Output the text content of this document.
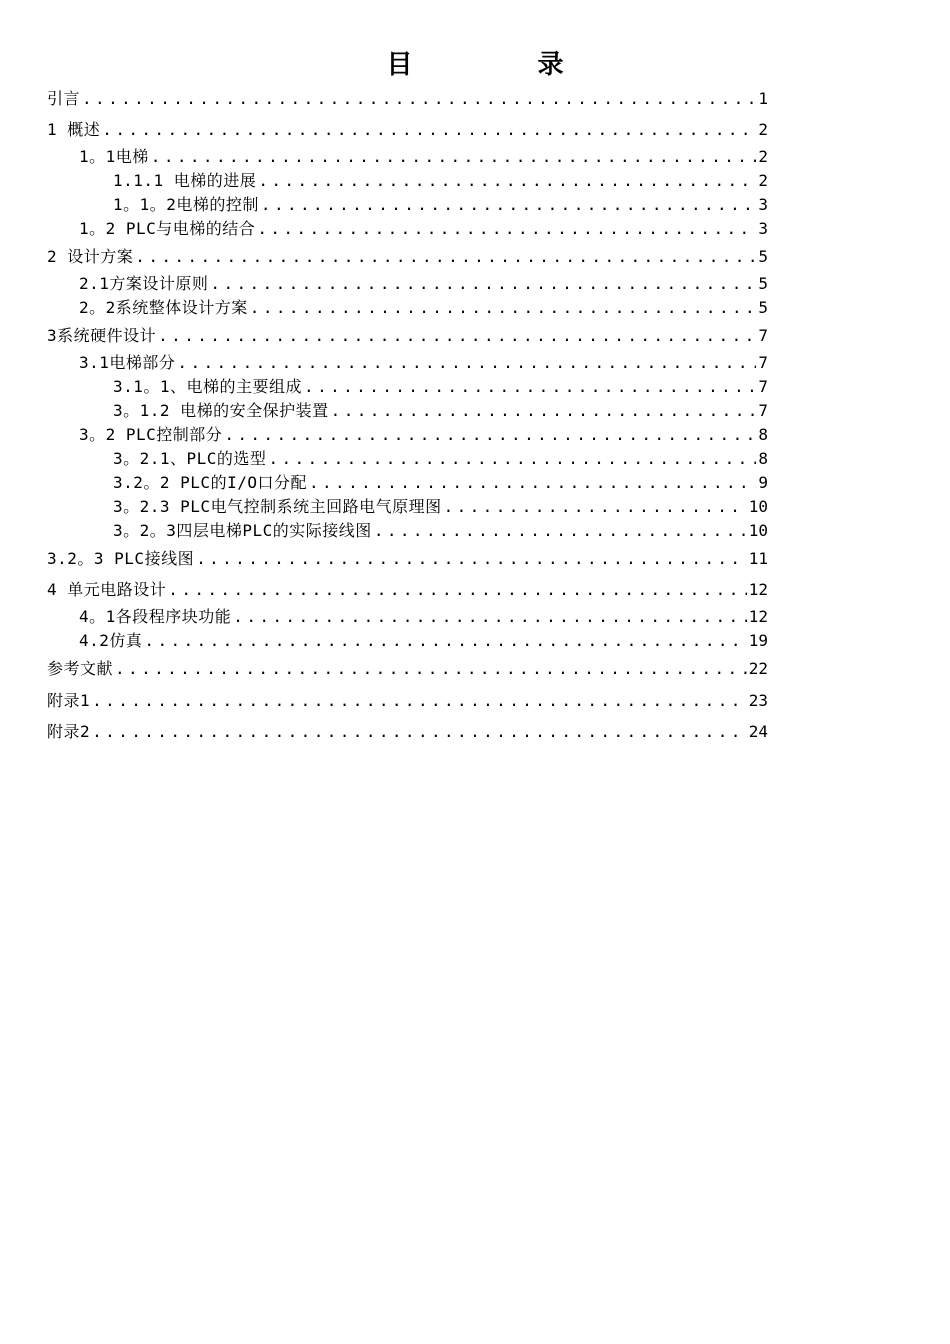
目 录
引言 .....	1
1 概述 .....	2
1。1电梯 .....	2
1.1.1 电梯的进展 .....	2
1。1。2电梯的控制 .....	3
1。2 PLC与电梯的结合 .....	3
2 设计方案 .....	5
2.1方案设计原则 .....	5
2。2系统整体设计方案 .....	5
3系统硬件设计 .....	7
3.1电梯部分 .....	7
3.1。1、电梯的主要组成 .....	7
3。1.2 电梯的安全保护装置 .....	7
3。2 PLC控制部分 .....	8
3。2.1、PLC的选型 .....	8
3.2。2 PLC的I/O口分配 .....	9
3。2.3 PLC电气控制系统主回路电气原理图 .....	10
3。2。3四层电梯PLC的实际接线图 .....	10
3.2。3 PLC接线图 .....	11
4 单元电路设计 .....	12
4。1各段程序块功能 .....	12
4.2仿真 .....	19
参考文献 .....	22
附录1 .....	23
附录2 .....	24
